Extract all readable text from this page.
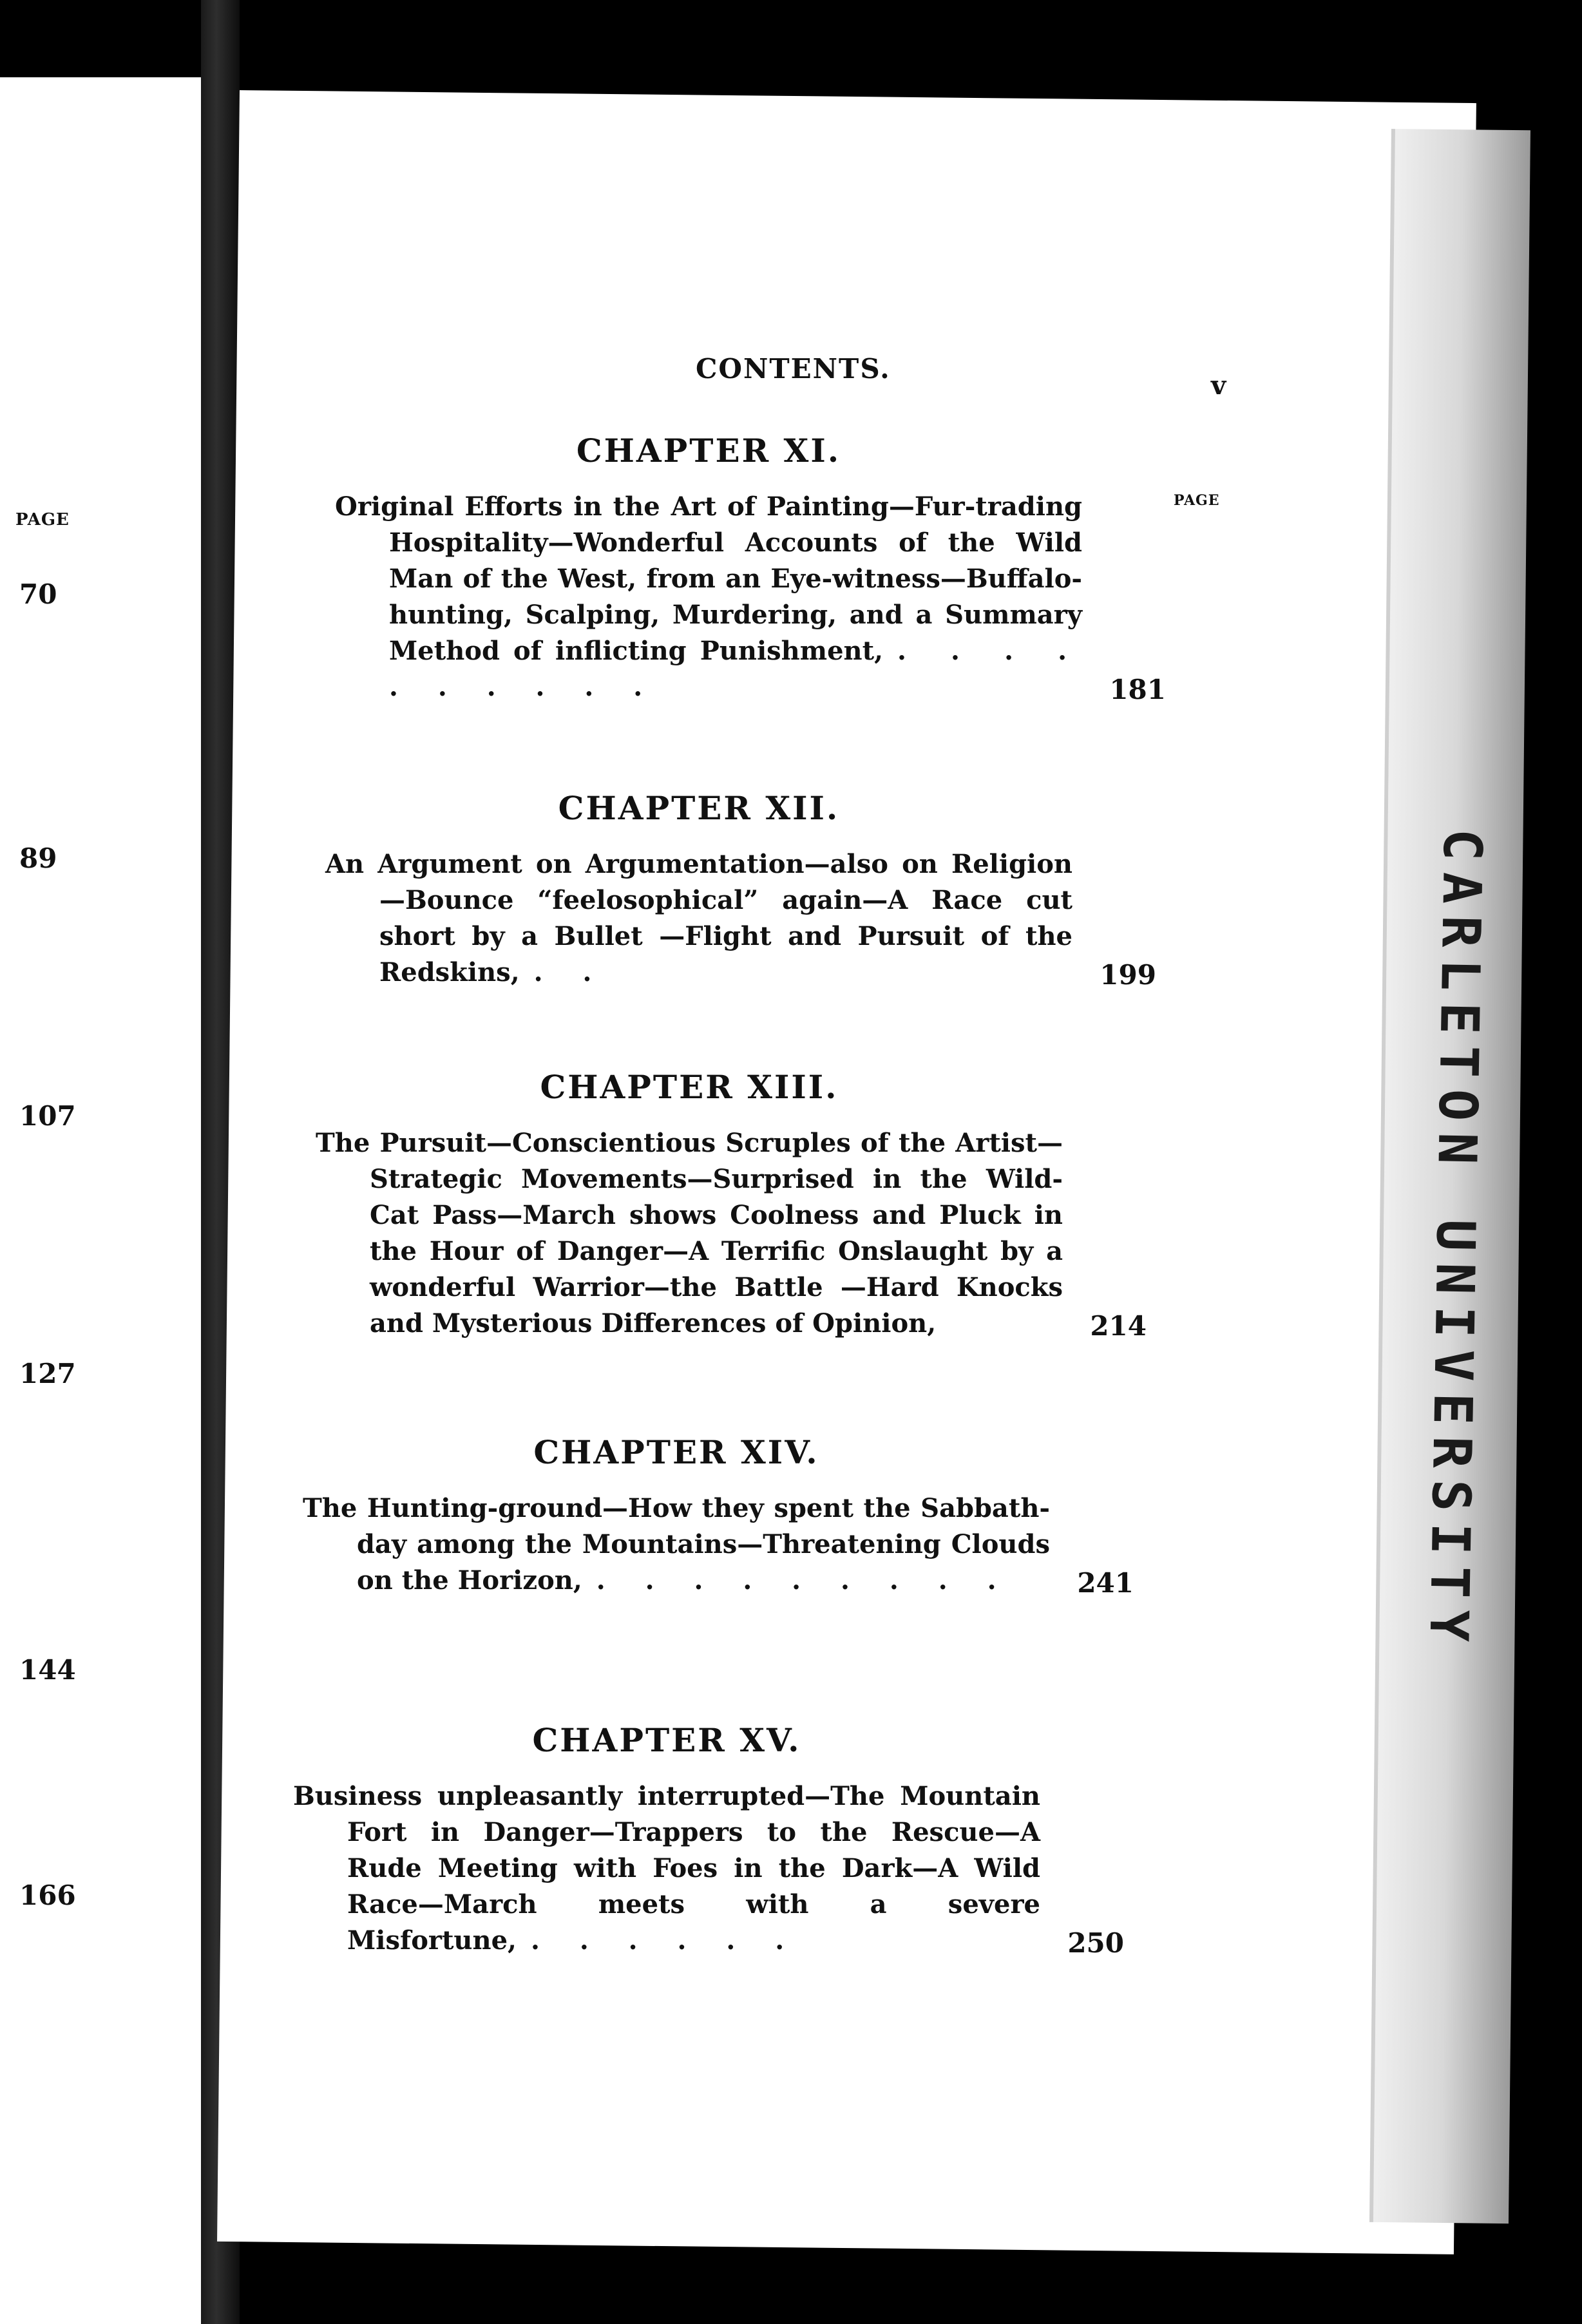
PAGE
70
89
107
127
144
166
CARLETON UNIVERSITY
CONTENTS.
v
PAGE
CHAPTER XI.
Original Efforts in the Art of Painting—Fur-trading Hospitality—Wonderful Accounts of the Wild Man of the West, from an Eye-witness—Buffalo-hunting, Scalping, Murdering, and a Summary Method of inflicting Punishment, . . . . . . . . . .	181
CHAPTER XII.
An Argument on Argumentation—also on Religion—Bounce “feelosophical” again—A Race cut short by a Bullet —Flight and Pursuit of the Redskins, . .	199
CHAPTER XIII.
The Pursuit—Conscientious Scruples of the Artist—Strategic Movements—Surprised in the Wild-Cat Pass—March shows Coolness and Pluck in the Hour of Danger—A Terrific Onslaught by a wonderful Warrior—the Battle —Hard Knocks and Mysterious Differences of Opinion,	214
CHAPTER XIV.
The Hunting-ground—How they spent the Sabbath-day among the Mountains—Threatening Clouds on the Horizon, . . . . . . . . .	241
CHAPTER XV.
Business unpleasantly interrupted—The Mountain Fort in Danger—Trappers to the Rescue—A Rude Meeting with Foes in the Dark—A Wild Race—March meets with a severe Misfortune, . . . . . .	250
